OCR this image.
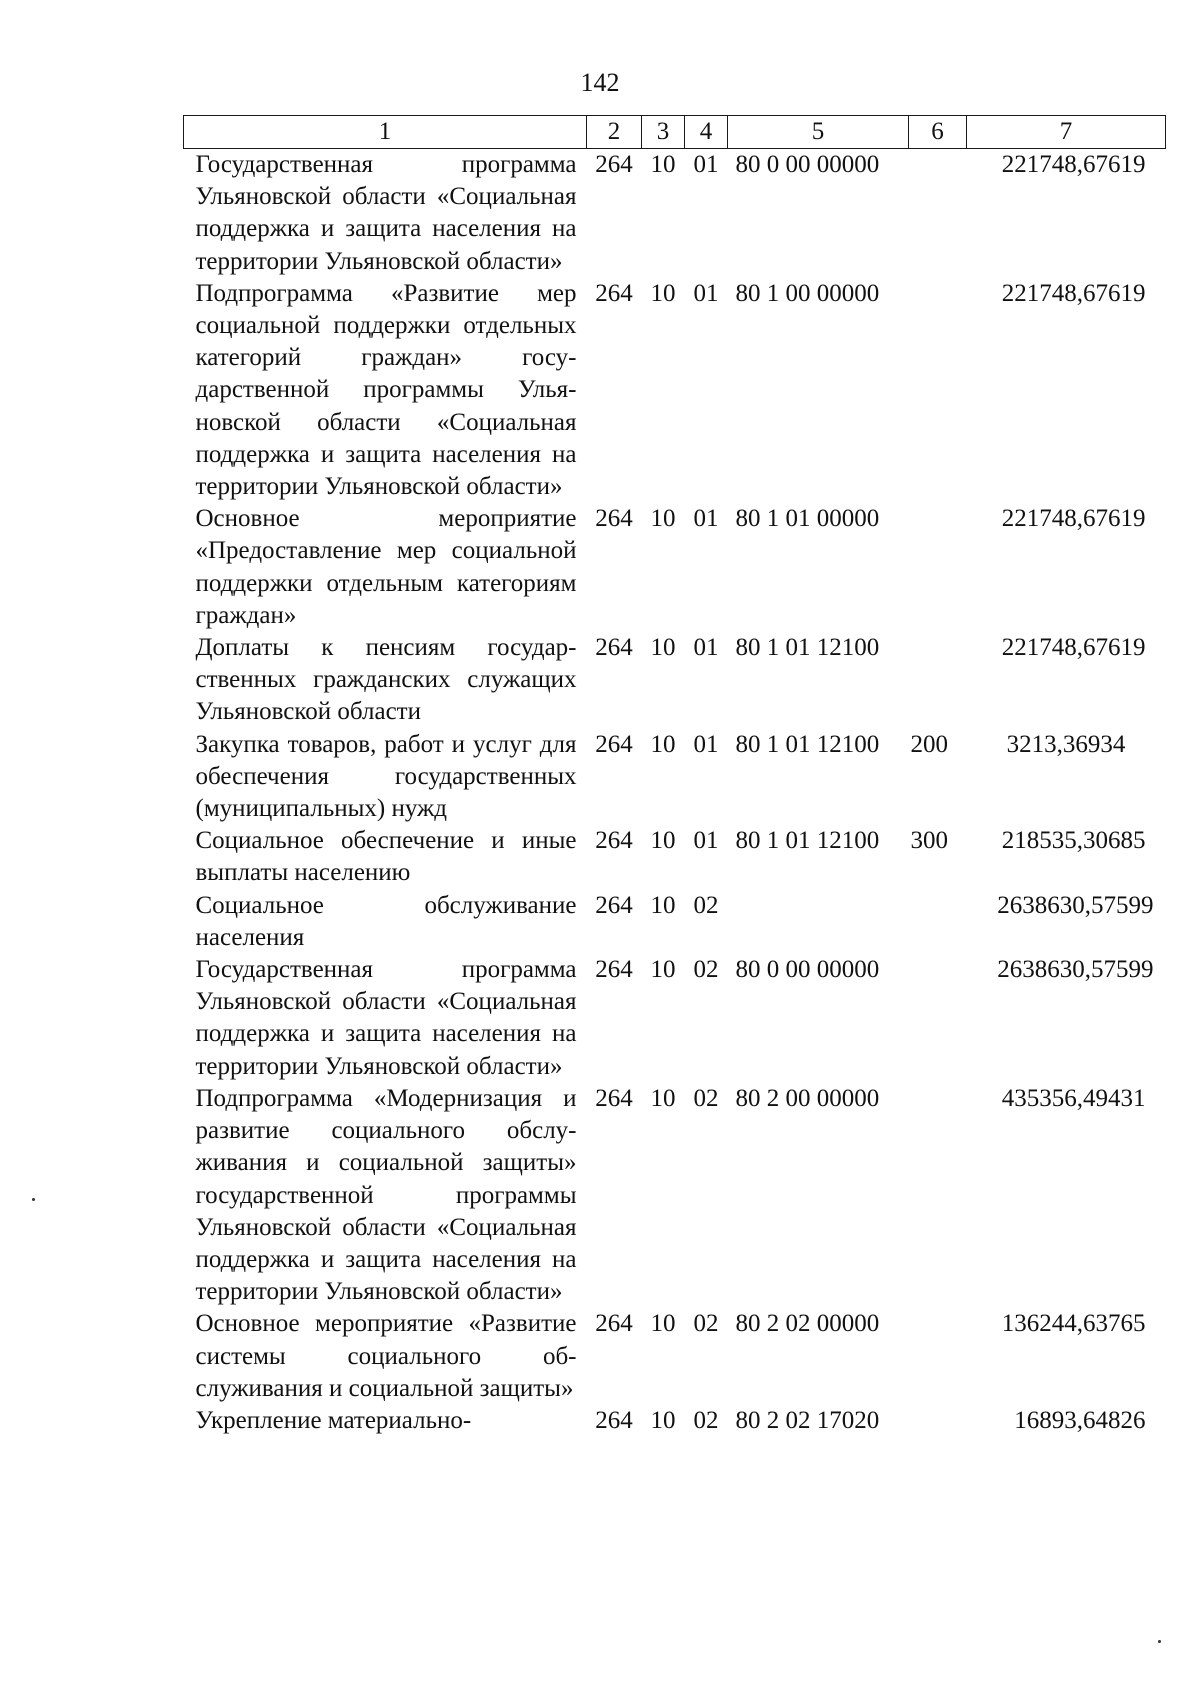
142
1	2	3	4	5	6	7
Государственная программа Ульяновской области «Социальная поддержка и защита населения на территории Ульяновской области»	264	10	01	80 0 00 00000		221748,67619
Подпрограмма «Развитие мер социальной поддержки отдельных категорий граждан» государственной программы Ульяновской области «Социальная поддержка и защита населения на территории Ульяновской области»	264	10	01	80 1 00 00000		221748,67619
Основное мероприятие «Предоставление мер социальной поддержки отдельным категориям граждан»	264	10	01	80 1 01 00000		221748,67619
Доплаты к пенсиям государственных гражданских служащих Ульяновской области	264	10	01	80 1 01 12100		221748,67619
Закупка товаров, работ и услуг для обеспечения государственных (муниципальных) нужд	264	10	01	80 1 01 12100	200	3213,36934
Социальное обеспечение и иные выплаты населению	264	10	01	80 1 01 12100	300	218535,30685
Социальное обслуживание населения	264	10	02			2638630,57599
Государственная программа Ульяновской области «Социальная поддержка и защита населения на территории Ульяновской области»	264	10	02	80 0 00 00000		2638630,57599
Подпрограмма «Модернизация и развитие социального обслуживания и социальной защиты» государственной программы Ульяновской области «Социальная поддержка и защита населения на территории Ульяновской области»	264	10	02	80 2 00 00000		435356,49431
Основное мероприятие «Развитие системы социального обслуживания и социальной защиты»	264	10	02	80 2 02 00000		136244,63765
Укрепление материально-	264	10	02	80 2 02 17020		16893,64826
